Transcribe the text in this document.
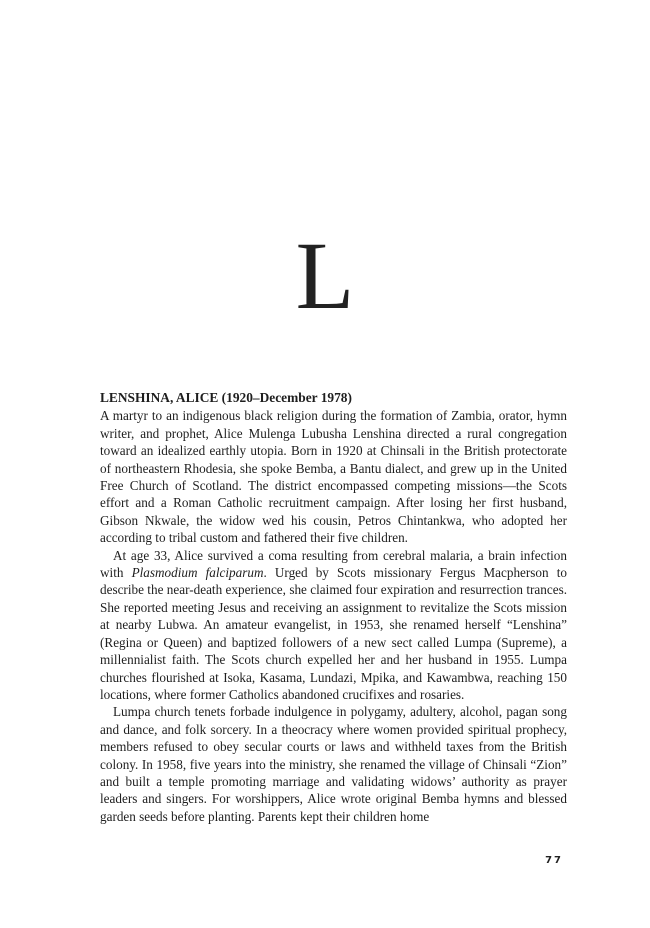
L
LENSHINA, ALICE (1920–December 1978)

A martyr to an indigenous black religion during the formation of Zambia, orator, hymn writer, and prophet, Alice Mulenga Lubusha Lenshina directed a rural congregation toward an idealized earthly utopia. Born in 1920 at Chinsali in the British protectorate of northeastern Rhodesia, she spoke Bemba, a Bantu dialect, and grew up in the United Free Church of Scotland. The district encompassed competing missions—the Scots effort and a Roman Catholic recruitment campaign. After losing her first husband, Gibson Nkwale, the widow wed his cousin, Petros Chintankwa, who adopted her according to tribal custom and fathered their five children.

At age 33, Alice survived a coma resulting from cerebral malaria, a brain infection with Plasmodium falciparum. Urged by Scots missionary Fergus Macpherson to describe the near-death experience, she claimed four expiration and resurrection trances. She reported meeting Jesus and receiving an assignment to revitalize the Scots mission at nearby Lubwa. An amateur evangelist, in 1953, she renamed herself “Lenshina” (Regina or Queen) and baptized followers of a new sect called Lumpa (Supreme), a millennialist faith. The Scots church expelled her and her husband in 1955. Lumpa churches flourished at Isoka, Kasama, Lundazi, Mpika, and Kawambwa, reaching 150 locations, where former Catholics abandoned crucifixes and rosaries.

Lumpa church tenets forbade indulgence in polygamy, adultery, alcohol, pagan song and dance, and folk sorcery. In a theocracy where women provided spiritual prophecy, members refused to obey secular courts or laws and withheld taxes from the British colony. In 1958, five years into the ministry, she renamed the village of Chinsali “Zion” and built a temple promoting marriage and validating widows’ authority as prayer leaders and singers. For worshippers, Alice wrote original Bemba hymns and blessed garden seeds before planting. Parents kept their children home

77
